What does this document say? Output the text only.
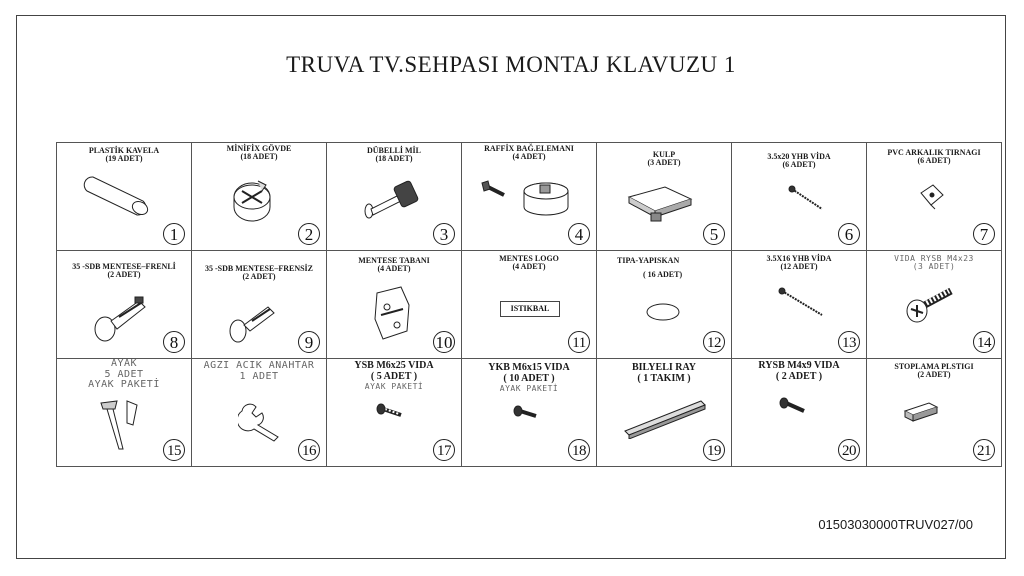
TRUVA TV.SEHPASI MONTAJ KLAVUZU 1
PLASTİK KAVELA
(19 ADET)
1
MİNİFİX GÖVDE
(18 ADET)
2
DÜBELLİ MİL
(18 ADET)
3
RAFFİX BAĞ.ELEMANI
(4 ADET)
4
KULP
(3 ADET)
5
3.5x20 YHB VİDA
(6 ADET)
6
PVC ARKALIK TIRNAGI
(6 ADET)
7
35 -SDB MENTESE–FRENLİ
(2 ADET)
8
35 -SDB MENTESE–FRENSİZ
(2 ADET)
9
MENTESE TABANI
(4 ADET)
10
MENTES LOGO
(4 ADET)
ISTIKBAL
11
TIPA-YAPISKAN
( 16 ADET)
12
3.5X16 YHB VİDA
(12 ADET)
13
VIDA RYSB M4x23
(3 ADET)
14
AYAK
5 ADET
AYAK PAKETİ
15
AGZI ACIK ANAHTAR
1 ADET
16
YSB M6x25 VIDA
( 5 ADET )
AYAK PAKETİ
17
YKB M6x15 VIDA
( 10 ADET )
AYAK PAKETİ
18
BILYELI RAY
( 1 TAKIM )
19
RYSB M4x9 VIDA
( 2 ADET )
20
STOPLAMA PLSTIGI
(2 ADET)
21
01503030000TRUV027/00
